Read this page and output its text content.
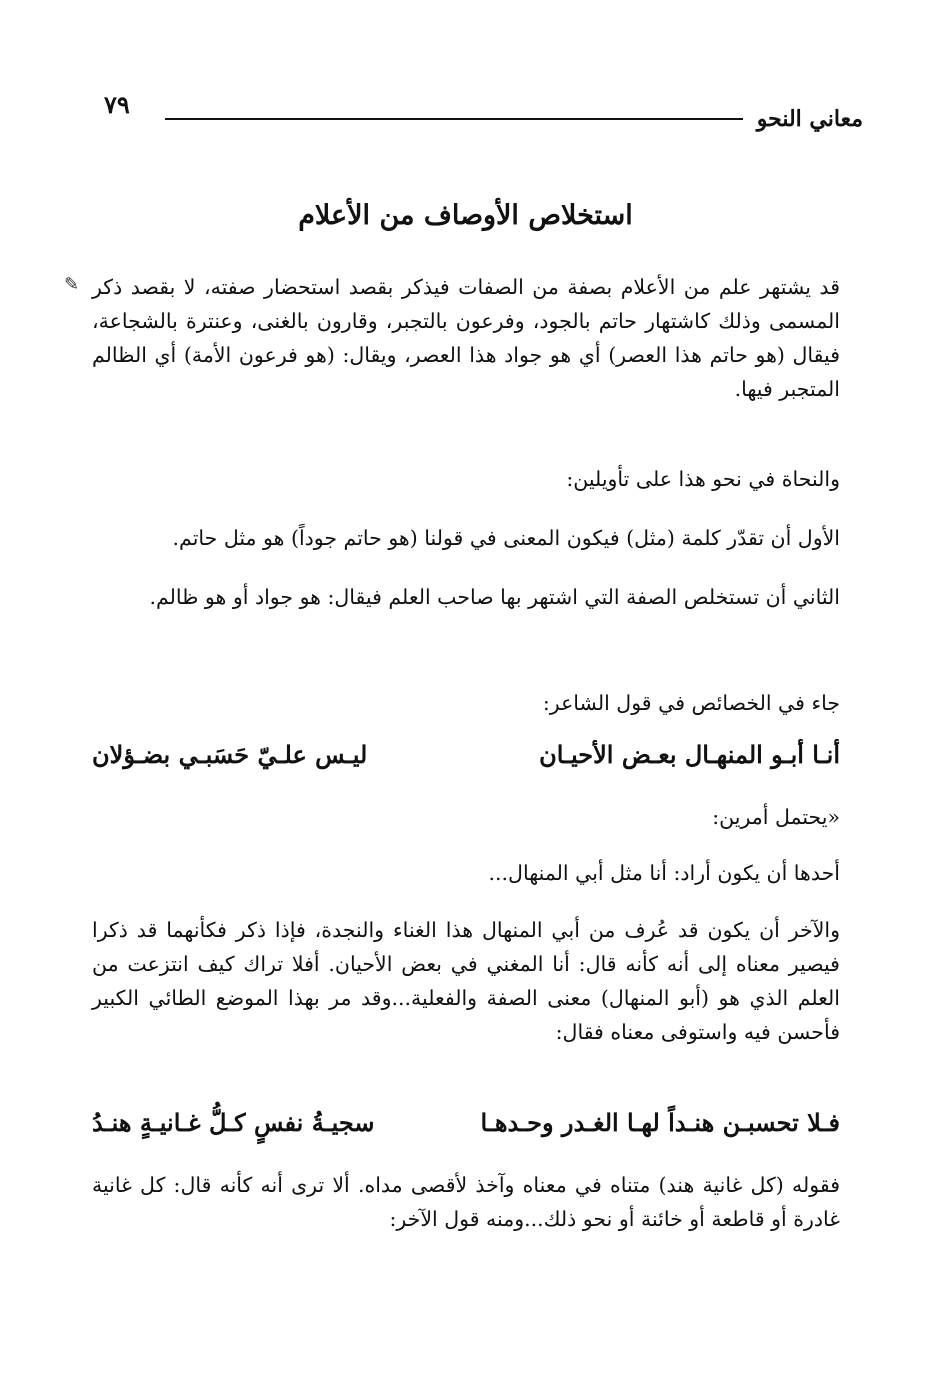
معاني النحو
٧٩
✎
استخلاص الأوصاف من الأعلام

قد يشتهر علم من الأعلام بصفة من الصفات فيذكر بقصد استحضار صفته، لا بقصد ذكر المسمى وذلك كاشتهار حاتم بالجود، وفرعون بالتجبر، وقارون بالغنى، وعنترة بالشجاعة، فيقال (هو حاتم هذا العصر) أي هو جواد هذا العصر، ويقال: (هو فرعون الأمة) أي الظالم المتجبر فيها.

والنحاة في نحو هذا على تأويلين:

الأول أن تقدّر كلمة (مثل) فيكون المعنى في قولنا (هو حاتم جوداً) هو مثل حاتم.

الثاني أن تستخلص الصفة التي اشتهر بها صاحب العلم فيقال: هو جواد أو هو ظالم.

جاء في الخصائص في قول الشاعر:

أنـا أبـو المنهـال بعـض الأحيـان
ليـس علـيّ حَسَبـي بضـؤلان

«يحتمل أمرين:

أحدها أن يكون أراد: أنا مثل أبي المنهال...

والآخر أن يكون قد عُرف من أبي المنهال هذا الغناء والنجدة، فإذا ذكر فكأنهما قد ذكرا فيصير معناه إلى أنه كأنه قال: أنا المغني في بعض الأحيان. أفلا تراك كيف انتزعت من العلم الذي هو (أبو المنهال) معنى الصفة والفعلية...وقد مر بهذا الموضع الطائي الكبير فأحسن فيه واستوفى معناه فقال:

فـلا تحسبـن هنـداً لهـا الغـدر وحـدهـا
سجيـةُ نفسٍ كـلُّ غـانيـةٍ هنـدُ

فقوله (كل غانية هند) متناه في معناه وآخذ لأقصى مداه. ألا ترى أنه كأنه قال: كل غانية غادرة أو قاطعة أو خائنة أو نحو ذلك...ومنه قول الآخر:
